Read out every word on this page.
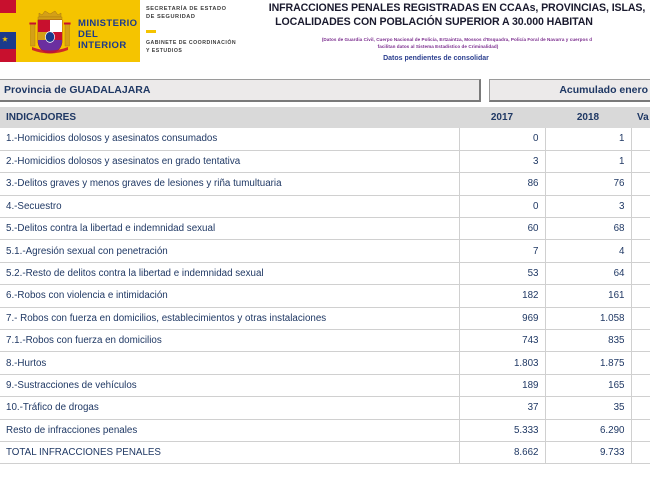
MINISTERIO
DEL INTERIOR
SECRETARÍA DE ESTADO
DE SEGURIDAD
GABINETE DE COORDINACIÓN
Y ESTUDIOS
INFRACCIONES PENALES REGISTRADAS EN CCAAs, PROVINCIAS, ISLAS,
LOCALIDADES CON POBLACIÓN SUPERIOR A 30.000 HABITAN
(Datos de Guardia Civil, Cuerpo Nacional de Policía, Ertzaintza, Mossos d'Esquadra, Policía Foral de Navarra y cuerpos d
facilitan datos al Sistema Estadístico de Criminalidad)
Datos pendientes de consolidar
Provincia de GUADALAJARA	Acumulado enero
INDICADORES	2017	2018	Va
1.-Homicidios dolosos y asesinatos consumados	0	1	
2.-Homicidios dolosos y asesinatos en grado tentativa	3	1	
3.-Delitos graves y menos graves de lesiones y riña tumultuaria	86	76	
4.-Secuestro	0	3	
5.-Delitos contra la libertad e indemnidad sexual	60	68	
5.1.-Agresión sexual con penetración	7	4	
5.2.-Resto de delitos contra la libertad e indemnidad sexual	53	64	
6.-Robos con violencia e intimidación	182	161	
7.- Robos con fuerza en domicilios, establecimientos y otras instalaciones	969	1.058	
7.1.-Robos con fuerza en domicilios	743	835	
8.-Hurtos	1.803	1.875	
9.-Sustracciones de vehículos	189	165	
10.-Tráfico de drogas	37	35	
Resto de infracciones penales	5.333	6.290	
TOTAL INFRACCIONES PENALES	8.662	9.733	
